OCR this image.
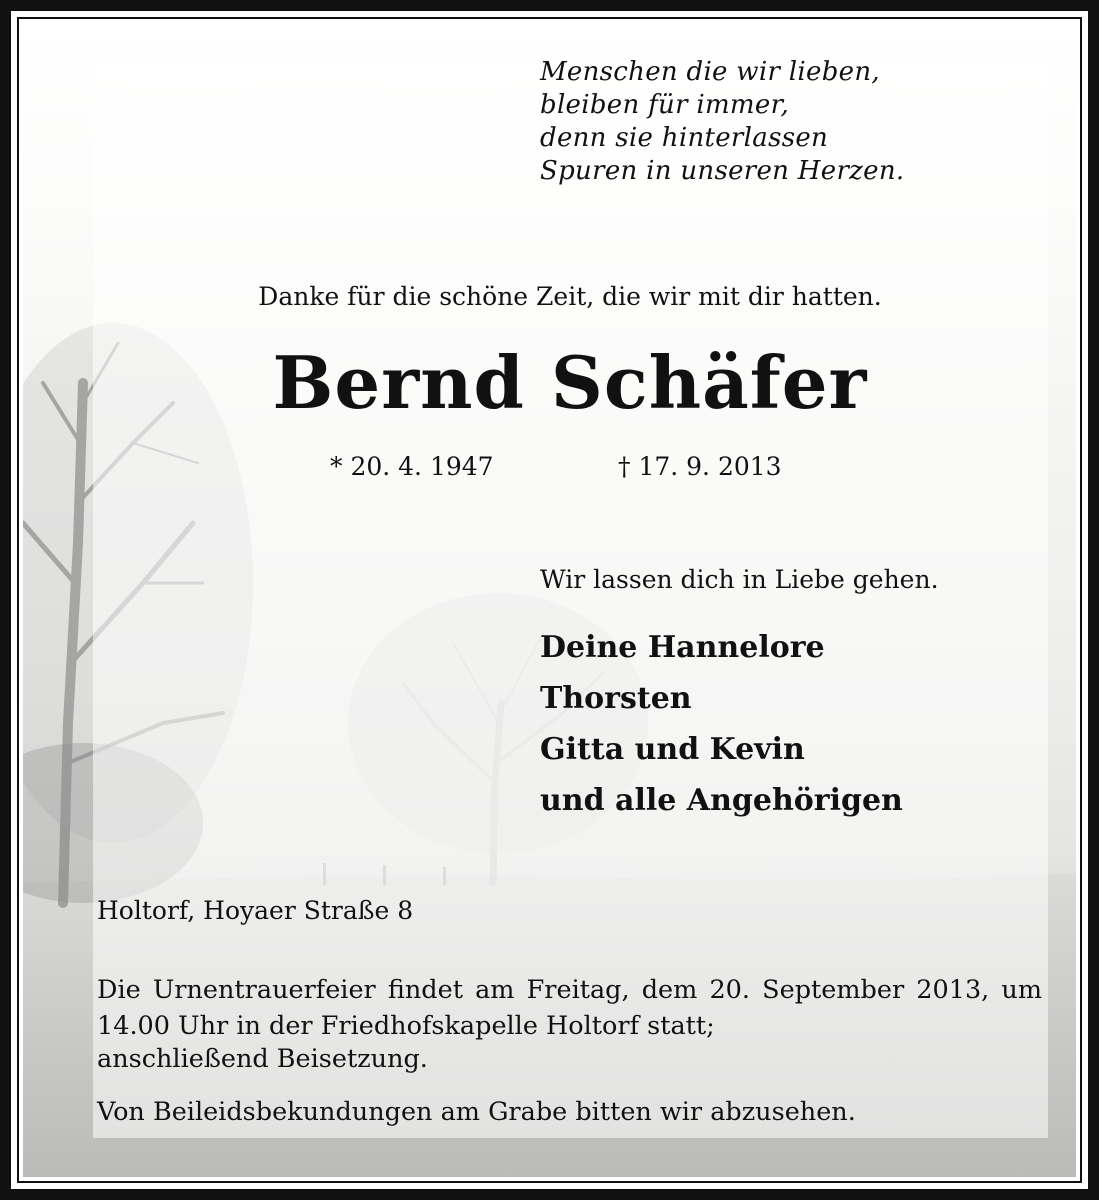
Menschen die wir lieben,
bleiben für immer,
denn sie hinterlassen
Spuren in unseren Herzen.
Danke für die schöne Zeit, die wir mit dir hatten.
Bernd Schäfer
* 20. 4. 1947	† 17. 9. 2013
Wir lassen dich in Liebe gehen.
Deine Hannelore
Thorsten
Gitta und Kevin
und alle Angehörigen
Holtorf, Hoyaer Straße 8
Die Urnentrauerfeier findet am Freitag, dem 20. September 2013, um 14.00 Uhr in der Friedhofskapelle Holtorf statt;
anschließend Beisetzung.
Von Beileidsbekundungen am Grabe bitten wir abzusehen.
